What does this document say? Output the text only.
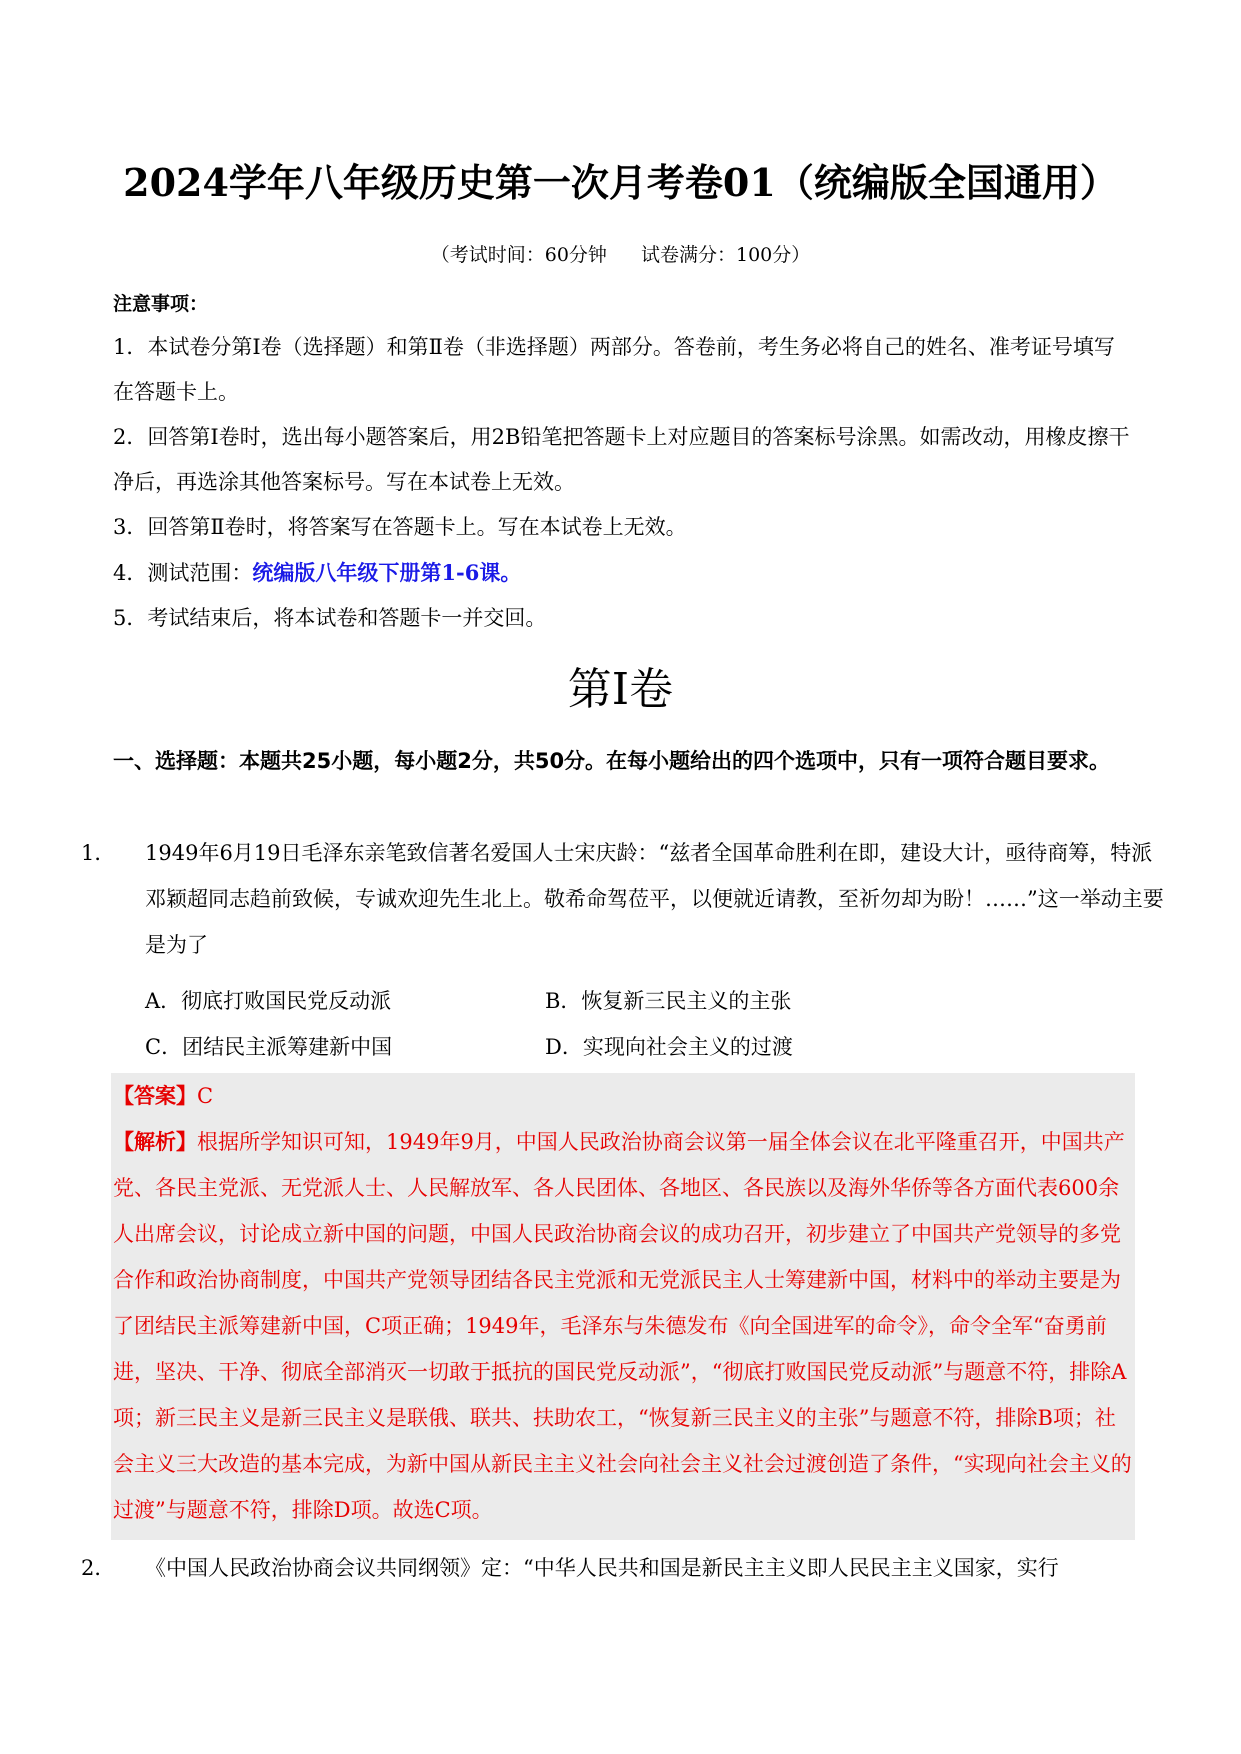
2024学年八年级历史第一次月考卷01（统编版全国通用）
（考试时间：60分钟 试卷满分：100分）
注意事项：
1．本试卷分第Ⅰ卷（选择题）和第Ⅱ卷（非选择题）两部分。答卷前，考生务必将自己的姓名、准考证号填写在答题卡上。
2．回答第Ⅰ卷时，选出每小题答案后，用2B铅笔把答题卡上对应题目的答案标号涂黑。如需改动，用橡皮擦干净后，再选涂其他答案标号。写在本试卷上无效。
3．回答第Ⅱ卷时，将答案写在答题卡上。写在本试卷上无效。
4．测试范围：统编版八年级下册第1-6课。
5．考试结束后，将本试卷和答题卡一并交回。
第Ⅰ卷
一、选择题：本题共25小题，每小题2分，共50分。在每小题给出的四个选项中，只有一项符合题目要求。
1． 1949年6月19日毛泽东亲笔致信著名爱国人士宋庆龄：“兹者全国革命胜利在即，建设大计，亟待商筹，特派邓颖超同志趋前致候，专诚欢迎先生北上。敬希命驾莅平，以便就近请教，至祈勿却为盼！……”这一举动主要是为了
A．彻底打败国民党反动派	B．恢复新三民主义的主张
C．团结民主派筹建新中国	D．实现向社会主义的过渡
【答案】C
【解析】根据所学知识可知，1949年9月，中国人民政治协商会议第一届全体会议在北平隆重召开，中国共产党、各民主党派、无党派人士、人民解放军、各人民团体、各地区、各民族以及海外华侨等各方面代表600余人出席会议，讨论成立新中国的问题，中国人民政治协商会议的成功召开，初步建立了中国共产党领导的多党合作和政治协商制度，中国共产党领导团结各民主党派和无党派民主人士筹建新中国，材料中的举动主要是为了团结民主派筹建新中国，C项正确；1949年，毛泽东与朱德发布《向全国进军的命令》，命令全军“奋勇前进，坚决、干净、彻底全部消灭一切敢于抵抗的国民党反动派”，“彻底打败国民党反动派”与题意不符，排除A项；新三民主义是新三民主义是联俄、联共、扶助农工，“恢复新三民主义的主张”与题意不符，排除B项；社会主义三大改造的基本完成，为新中国从新民主主义社会向社会主义社会过渡创造了条件，“实现向社会主义的过渡”与题意不符，排除D项。故选C项。
2． 《中国人民政治协商会议共同纲领》定：“中华人民共和国是新民主主义即人民民主主义国家，实行
